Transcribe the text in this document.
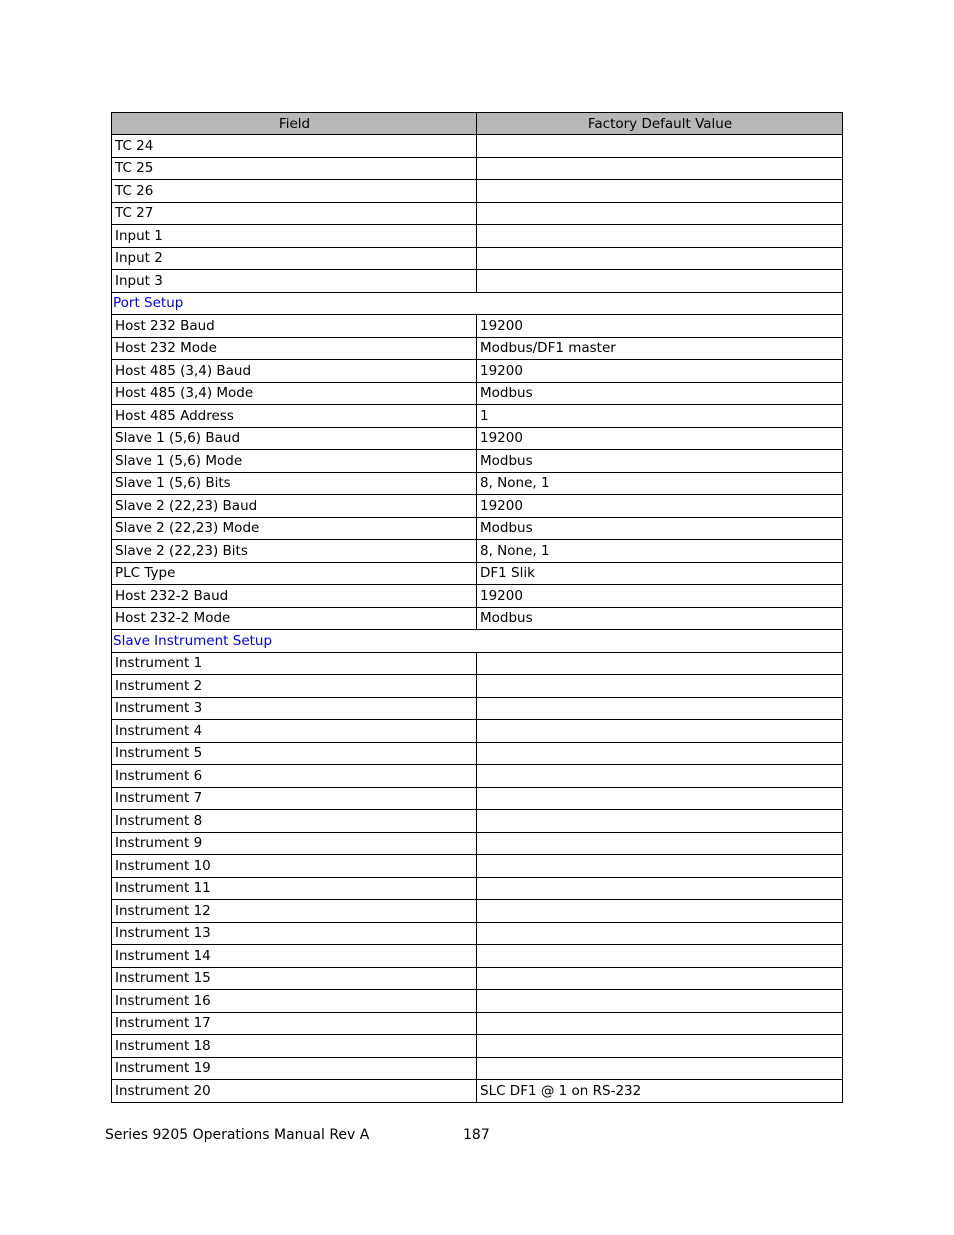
Field	Factory Default Value
TC 24	
TC 25	
TC 26	
TC 27	
Input 1	
Input 2	
Input 3	
Port Setup	
Host 232 Baud	19200
Host 232 Mode	Modbus/DF1 master
Host 485 (3,4) Baud	19200
Host 485 (3,4) Mode	Modbus
Host 485 Address	1
Slave 1 (5,6) Baud	19200
Slave 1 (5,6) Mode	Modbus
Slave 1 (5,6) Bits	8, None, 1
Slave 2 (22,23) Baud	19200
Slave 2 (22,23) Mode	Modbus
Slave 2 (22,23) Bits	8, None, 1
PLC Type	DF1 Slik
Host 232-2 Baud	19200
Host 232-2 Mode	Modbus
Slave Instrument Setup	
Instrument 1	
Instrument 2	
Instrument 3	
Instrument 4	
Instrument 5	
Instrument 6	
Instrument 7	
Instrument 8	
Instrument 9	
Instrument 10	
Instrument 11	
Instrument 12	
Instrument 13	
Instrument 14	
Instrument 15	
Instrument 16	
Instrument 17	
Instrument 18	
Instrument 19	
Instrument 20	SLC DF1 @ 1 on RS-232
Series 9205 Operations Manual Rev A	187
